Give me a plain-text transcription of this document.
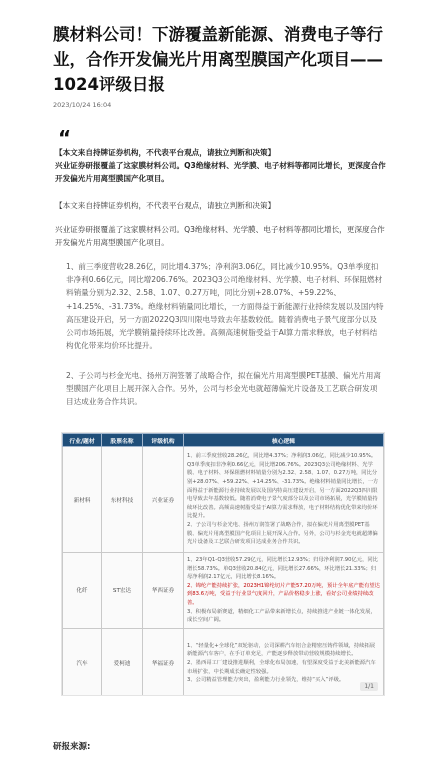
膜材料公司！下游覆盖新能源、消费电子等行业，合作开发偏光片用离型膜国产化项目——1024评级日报
2023/10/24 16:04
“
【本文来自持牌证券机构，不代表平台观点，请独立判断和决策】
兴业证券研报覆盖了这家膜材料公司。Q3绝缘材料、光学膜、电子材料等都同比增长，更深度合作开发偏光片用离型膜国产化项目。
【本文来自持牌证券机构，不代表平台观点，请独立判断和决策】
兴业证券研报覆盖了这家膜材料公司。Q3绝缘材料、光学膜、电子材料等都同比增长，更深度合作开发偏光片用离型膜国产化项目。
1、前三季度营收28.26亿，同比增4.37%；净利润3.06亿，同比减少10.95%。Q3单季度扣非净利0.66亿元，同比增206.76%。2023Q3公司绝缘材料、光学膜、电子材料、环保阻燃材料销量分别为2.32、2.58、1.07、0.27万吨，同比分别+28.07%、+59.22%、+14.25%、-31.73%。绝缘材料销量同比增长，一方面得益于新能源行业持续发展以及国内特高压建设开启，另一方面2022Q3四川限电导致去年基数较低。随着消费电子景气度部分以及公司市场拓展，光学膜销量持续环比改善。高频高速树脂受益于AI算力需求释放，电子材料结构优化带来均价环比提升。
2、子公司与杉金光电、扬州万润签署了战略合作，拟在偏光片用离型膜PET基膜、偏光片用离型膜国产化项目上展开深入合作。另外，公司与杉金光电就超薄偏光片设备及工艺联合研发项目达成业务合作共识。
行业/题材	股票名称	评级机构	核心逻辑
新材料	东材科技	兴业证券	1、前三季度营收28.26亿，同比增4.37%；净利润3.06亿，同比减少10.95%。Q3单季度扣非净利0.66亿元，同比增206.76%。2023Q3公司绝缘材料、光学膜、电子材料、环保阻燃材料销量分别为2.32、2.58、1.07、0.27万吨，同比分别+28.07%、+59.22%、+14.25%、-31.73%。绝缘材料销量同比增长，一方面得益于新能源行业持续发展以及国内特高压建设开启，另一方面2022Q3四川限电导致去年基数较低。随着消费电子景气度部分以及公司市场拓展，光学膜销量持续环比改善。高频高速树脂受益于AI算力需求释放，电子材料结构优化带来均价环比提升。
2、子公司与杉金光电、扬州万润签署了战略合作，拟在偏光片用离型膜PET基膜、偏光片用离型膜国产化项目上展开深入合作。另外，公司与杉金光电就超薄偏光片设备及工艺联合研发项目达成业务合作共识。

化纤	ST宏达	华西证券	1、23年Q1-Q3营收57.29亿元，同比增长12.93%；归母净利润7.90亿元，同比增长58.73%。单Q3营收20.84亿元，同比增长27.66%，环比增长21.33%；归母净利润2.17亿元，同比增长8.16%。
2、锦纶产能持续扩张，2023H1锦纶切片产能57.20万吨，预计全年底产能有望达到83.6万吨，受益于行业景气度回升，产品价格稳步上涨，看好公司业绩持续改善。
3、积极布局新赛道，精细化工产品带来新增长点，持续推进产业链一体化发展，成长空间广阔。

汽车	爱柯迪	华福证券	1、“轻量化+全球化”双轮驱动，公司深耕汽车铝合金精密压铸件领域，持续拓展新能源汽车客户，在手订单充足，产能逐步释放带动营收规模持续增长。
2、墨西哥工厂建设推进顺利，全球化布局加速，有望深度受益于北美新能源汽车市场扩张，中长期成长确定性较强。
3、公司精益管理能力突出，盈利能力行业领先，维持“买入”评级。
1/1
研报来源:
